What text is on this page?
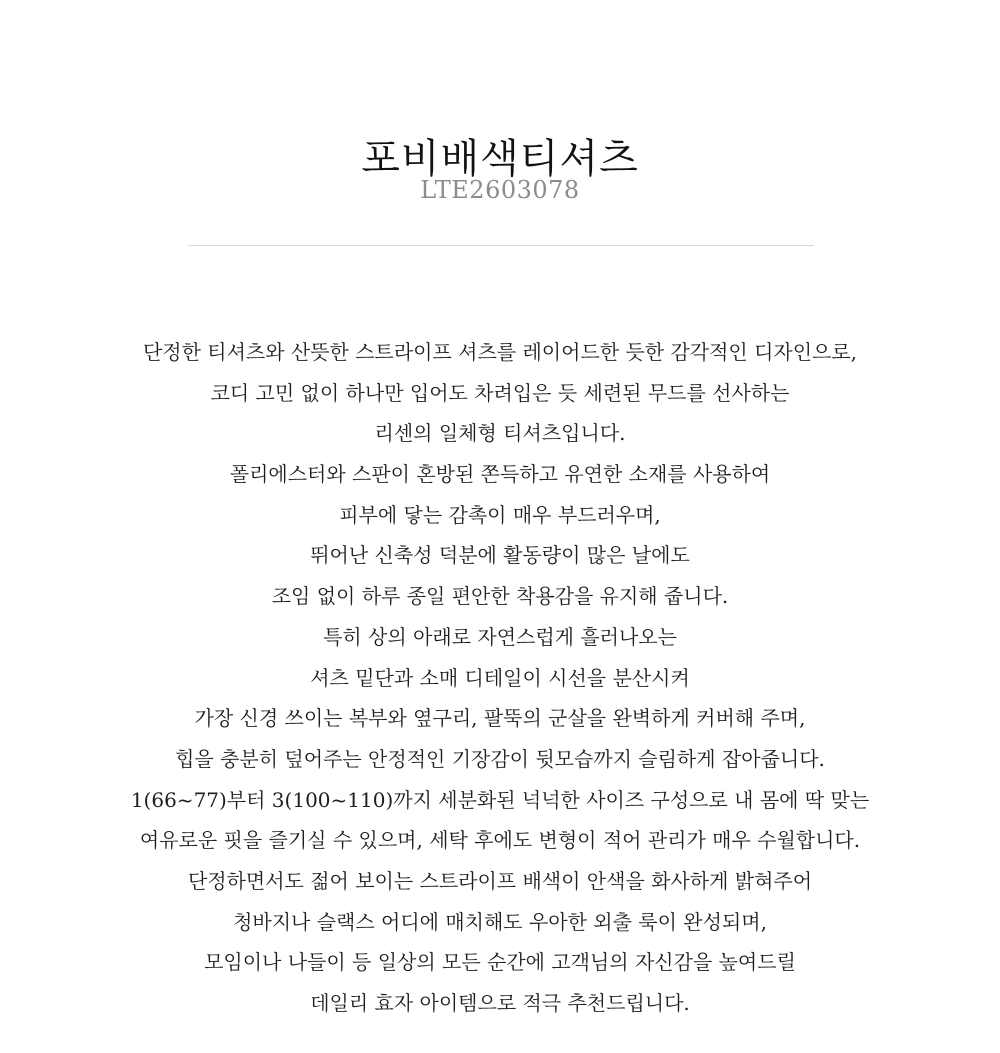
포비배색티셔츠
LTE2603078
단정한 티셔츠와 산뜻한 스트라이프 셔츠를 레이어드한 듯한 감각적인 디자인으로,
코디 고민 없이 하나만 입어도 차려입은 듯 세련된 무드를 선사하는
리센의 일체형 티셔츠입니다.
폴리에스터와 스판이 혼방된 쫀득하고 유연한 소재를 사용하여
피부에 닿는 감촉이 매우 부드러우며,
뛰어난 신축성 덕분에 활동량이 많은 날에도
조임 없이 하루 종일 편안한 착용감을 유지해 줍니다.
특히 상의 아래로 자연스럽게 흘러나오는
셔츠 밑단과 소매 디테일이 시선을 분산시켜
가장 신경 쓰이는 복부와 옆구리, 팔뚝의 군살을 완벽하게 커버해 주며,
힙을 충분히 덮어주는 안정적인 기장감이 뒷모습까지 슬림하게 잡아줍니다.
1(66~77)부터 3(100~110)까지 세분화된 넉넉한 사이즈 구성으로 내 몸에 딱 맞는
여유로운 핏을 즐기실 수 있으며, 세탁 후에도 변형이 적어 관리가 매우 수월합니다.
단정하면서도 젊어 보이는 스트라이프 배색이 안색을 화사하게 밝혀주어
청바지나 슬랙스 어디에 매치해도 우아한 외출 룩이 완성되며,
모임이나 나들이 등 일상의 모든 순간에 고객님의 자신감을 높여드릴
데일리 효자 아이템으로 적극 추천드립니다.
